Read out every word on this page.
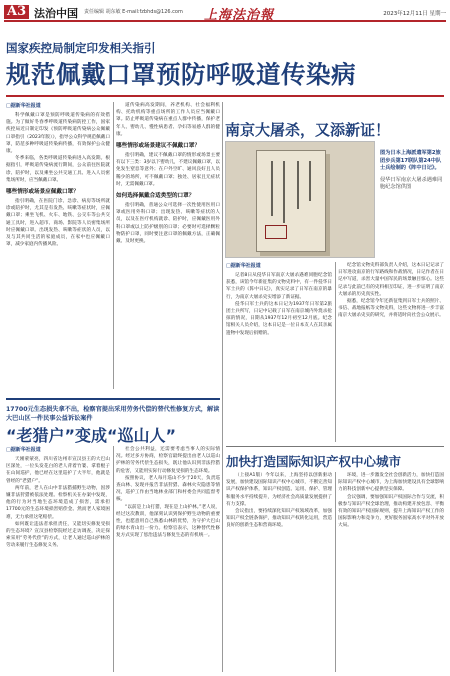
A3 法治中国 责任编辑 胡东敏 E-mail:fzbhds@126.com 上海法治報	2023年12月11日 星期一
国家疾控局制定印发相关指引
规范佩戴口罩预防呼吸道传染病
□据新华社报道

科学佩戴口罩是预防呼吸道传染病的有效措施。为了做好冬春季呼吸道传染病防控工作，国家疾控局近日制定印发《预防呼吸道传染病公众佩戴口罩指引（2023年版）》，指导公众科学规范佩戴口罩，防范多种呼吸道传染病传播，有效保护公众健康。

冬季来临，各类呼吸道传染病进入高发期。根据指引，呼吸道传染病流行期间，公众前往医院就诊、陪护时，以及乘坐公共交通工具、进入人员密集场所时，应当佩戴口罩。

哪些情形或场景应佩戴口罩？

指引明确，在医院门诊、急诊、病房等场所就诊或陪护时，尤其是有发热、咳嗽等症状时，应佩戴口罩；乘坐飞机、火车、地铁、公交车等公共交通工具时，进入超市、商场、影院等人员密集场所时应佩戴口罩。出现发热、咳嗽等症状的人员，以及与其共同生活的家庭成员，在家中也应佩戴口罩，减少家庭内传播风险。

道传染病高发期间，养老机构、社会福利机构、托幼机构等重点场所的工作人员应当佩戴口罩。防止呼吸道传染病在重点人群中传播，保护老年人、婴幼儿、慢性病患者、孕妇等易感人群的健康。

哪些情形或场景建议不佩戴口罩？

指引明确，建议不佩戴口罩的情形或场景主要有以下三类：3岁以下婴幼儿，不建议佩戴口罩，以免发生窒息等意外；在户外空旷、通风良好且人员稀少的场所，可不佩戴口罩；独处、居家且无症状时，无需佩戴口罩。

如何选择佩戴合适类型的口罩？

指引明确，普通公众可选择一次性使用医用口罩或医用外科口罩；出现发热、咳嗽等症状的人员，以及在医疗机构就诊、陪护时，应佩戴医用外科口罩或以上防护级别的口罩；必要时可选择颗粒物防护口罩，同时要注意口罩的佩戴方法，正确佩戴、及时更换。

南京大屠杀，又添新证！
图为日本上海派遣军第2旅团步兵第17联队第24中队士兵绘制的《阵中日记》。
侵华日军南京大屠杀遇难同胞纪念馆供图
□据新华社报道

记者8日从侵华日军南京大屠杀遇难同胞纪念馆获悉，该馆今年新征集的文物史料中，有一件侵华日军士兵的《阵中日记》，真实记录了日军在南京的暴行，为南京大屠杀史实增添了新证据。

侵华日军士兵的这本日记为1937年日军第2旅团士兵所写，日记中记载了日军在南京城内外烧杀抢掠的情况，日期从1937年12月初至12月底。纪念馆相关人员介绍，这本日记是一位日本友人在其亲属遗物中发现后捐赠的。

纪念馆文物史料部负责人介绍，这本日记记录了日军进攻南京的行军路线和作战情况，日记作者在日记中写道，杀害大量中国军民的场景触目惊心。这些记录与此前已有的史料相互印证，进一步证明了南京大屠杀的历史真实性。

据悉，纪念馆今年还新征集到日军士兵的照片、书信、战地报纸等文物史料，这些文物将进一步丰富南京大屠杀史实的研究，并将适时向社会公众展示。

17700元生态损失拿不出，检察官提出采用劳务代偿的替代性修复方式，解读大巴山区一件民事公益诉讼案件
“老猎户”变成“巡山人”
□据新华社报道

天刚蒙蒙亮，四川省达州市宣汉县王的大巴山区深处，一位头发花白的老人背着竹篓、拿着棍子在山间巡护，他已经在这里巡护了大半年，他就是曾经的“老猎户”。

两年前，老人在山中非法猎捕野生动物，因涉嫌非法狩猎被依法处理。检察机关在办案中发现，他的行为对当地生态环境造成了损害，需承担17700元的生态环境损害赔偿金。然而老人家境困难，无力承担这笔赔偿。

如何既让违法者承担责任，又能切实修复受损的生态环境？宣汉县检察院经过走访调查，决定探索采用“劳务代偿”的方式，让老人通过巡山护林的劳动来履行生态修复义务。

社会公共利益，还需要考虑当事人的实际情况。经过多方协商，检察官最终提出由老人以巡山护林的劳务代偿生态损失，既让他认识到非法狩猎的危害，又能用实际行动修复受损的生态环境。

按照协议，老人每月巡山不少于20天，负责巡查山林、发现并报告非法狩猎、森林火灾隐患等情况，巡护工作由当地林业部门和村委会共同监督考核。

“以前是上山打猎，现在是上山护林。”老人说，经过这次教训，他深刻认识到保护野生动物的重要性，也愿意用自己熟悉山林的优势，为守护大巴山的绿水青山出一份力。检察官表示，这种替代性修复方式实现了惩治违法与修复生态的有机统一。

加快打造国际知识产权中心城市

（上接A1版）今年以来，上海坚持以创新驱动发展，加快建设国际知识产权中心城市，不断完善知识产权保护体系，知识产权创造、运用、保护、管理和服务水平持续提升，为经济社会高质量发展提供了有力支撑。

会议指出，要持续深化知识产权领域改革，加强知识产权全链条保护，推动知识产权转化运用，营造良好的创新生态和营商环境。

环境，进一步激发全社会创新活力，加快打造国际知识产权中心城市，为上海加快建设具有全球影响力的科技创新中心提供坚实保障。

会议强调，要加强知识产权国际合作与交流，积极参与知识产权全球治理，推动构建开放包容、平衡有效的知识产权国际规则，提升上海知识产权工作的国际影响力和竞争力，更好服务国家高水平对外开放大局。
